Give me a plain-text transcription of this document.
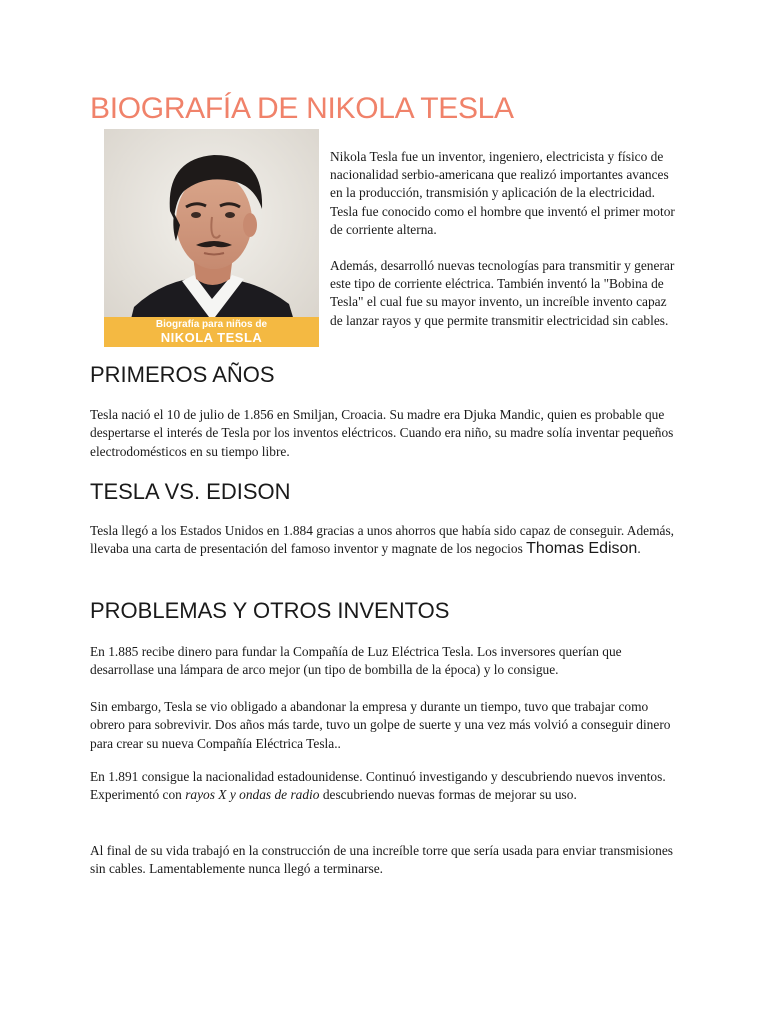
BIOGRAFÍA DE NIKOLA TESLA
Biografía para niños de
NIKOLA TESLA

Nikola Tesla fue un inventor, ingeniero, electricista y físico de nacionalidad serbio-americana que realizó importantes avances en la producción, transmisión y aplicación de la electricidad. Tesla fue conocido como el hombre que inventó el primer motor de corriente alterna.

Además, desarrolló nuevas tecnologías para transmitir y generar este tipo de corriente eléctrica. También inventó la "Bobina de Tesla" el cual fue su mayor invento, un increíble invento capaz de lanzar rayos y que permite transmitir electricidad sin cables.

PRIMEROS AÑOS

Tesla nació el 10 de julio de 1.856 en Smiljan, Croacia. Su madre era Djuka Mandic, quien es probable que despertarse el interés de Tesla por los inventos eléctricos. Cuando era niño, su madre solía inventar pequeños electrodomésticos en su tiempo libre.

TESLA VS. EDISON

Tesla llegó a los Estados Unidos en 1.884 gracias a unos ahorros que había sido capaz de conseguir. Además, llevaba una carta de presentación del famoso inventor y magnate de los negocios Thomas Edison.

PROBLEMAS Y OTROS INVENTOS

En 1.885 recibe dinero para fundar la Compañía de Luz Eléctrica Tesla. Los inversores querían que desarrollase una lámpara de arco mejor (un tipo de bombilla de la época) y lo consigue.

Sin embargo, Tesla se vio obligado a abandonar la empresa y durante un tiempo, tuvo que trabajar como obrero para sobrevivir. Dos años más tarde, tuvo un golpe de suerte y una vez más volvió a conseguir dinero para crear su nueva Compañía Eléctrica Tesla..

En 1.891 consigue la nacionalidad estadounidense. Continuó investigando y descubriendo nuevos inventos. Experimentó con rayos X y ondas de radio descubriendo nuevas formas de mejorar su uso.

Al final de su vida trabajó en la construcción de una increíble torre que sería usada para enviar transmisiones sin cables. Lamentablemente nunca llegó a terminarse.
